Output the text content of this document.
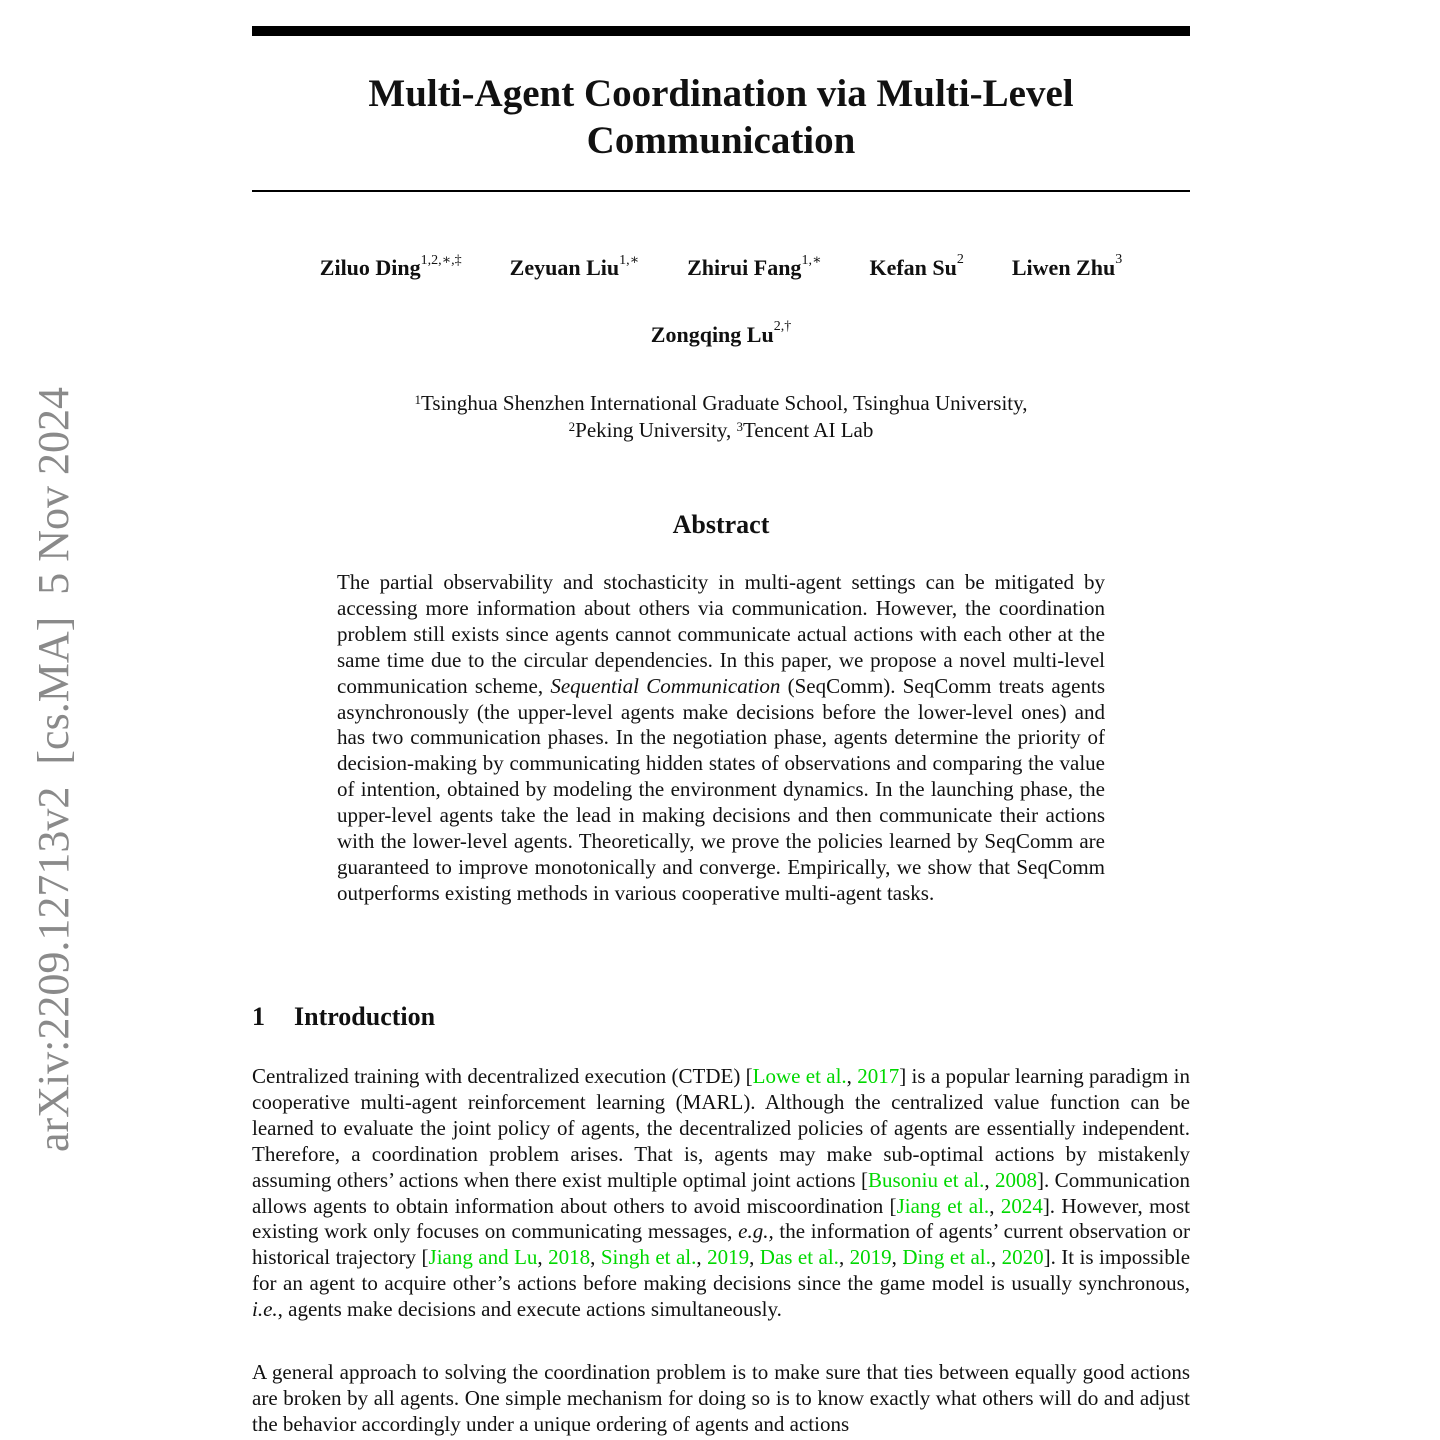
arXiv:2209.12713v2  [cs.MA]  5 Nov 2024
Multi-Agent Coordination via Multi-Level
Communication
Ziluo Ding$^{1,2,∗,\ddagger}$ Zeyuan Liu$^{1,∗}$ Zhirui Fang$^{1,∗}$ Kefan Su$^2$ Liwen Zhu$^3$
Zongqing $Lu^{2,\dagger}$
$^1$Tsinghua Shenzhen International Graduate School, Tsinghua University,
$^2$Peking University, $^3$Tencent AI Lab
Abstract
The partial observability and stochasticity in multi-agent settings can be mitigated by accessing more information about others via communication. However, the coordination problem still exists since agents cannot communicate actual actions with each other at the same time due to the circular dependencies. In this paper, we propose a novel multi-level communication scheme, Sequential Communication (SeqComm). SeqComm treats agents asynchronously (the upper-level agents make decisions before the lower-level ones) and has two communication phases. In the negotiation phase, agents determine the priority of decision-making by communicating hidden states of observations and comparing the value of intention, obtained by modeling the environment dynamics. In the launching phase, the upper-level agents take the lead in making decisions and then communicate their actions with the lower-level agents. Theoretically, we prove the policies learned by SeqComm are guaranteed to improve monotonically and converge. Empirically, we show that SeqComm outperforms existing methods in various cooperative multi-agent tasks.
1 Introduction
Centralized training with decentralized execution (CTDE) [Lowe et al., 2017] is a popular learning paradigm in cooperative multi-agent reinforcement learning (MARL). Although the centralized value function can be learned to evaluate the joint policy of agents, the decentralized policies of agents are essentially independent. Therefore, a coordination problem arises. That is, agents may make sub-optimal actions by mistakenly assuming others’ actions when there exist multiple optimal joint actions [Busoniu et al., 2008]. Communication allows agents to obtain information about others to avoid miscoordination [Jiang et al., 2024]. However, most existing work only focuses on communicating messages, e.g., the information of agents’ current observation or historical trajectory [Jiang and Lu, 2018, Singh et al., 2019, Das et al., 2019, Ding et al., 2020]. It is impossible for an agent to acquire other’s actions before making decisions since the game model is usually synchronous, i.e., agents make decisions and execute actions simultaneously.
A general approach to solving the coordination problem is to make sure that ties between equally good actions are broken by all agents. One simple mechanism for doing so is to know exactly what others will do and adjust the behavior accordingly under a unique ordering of agents and actions
